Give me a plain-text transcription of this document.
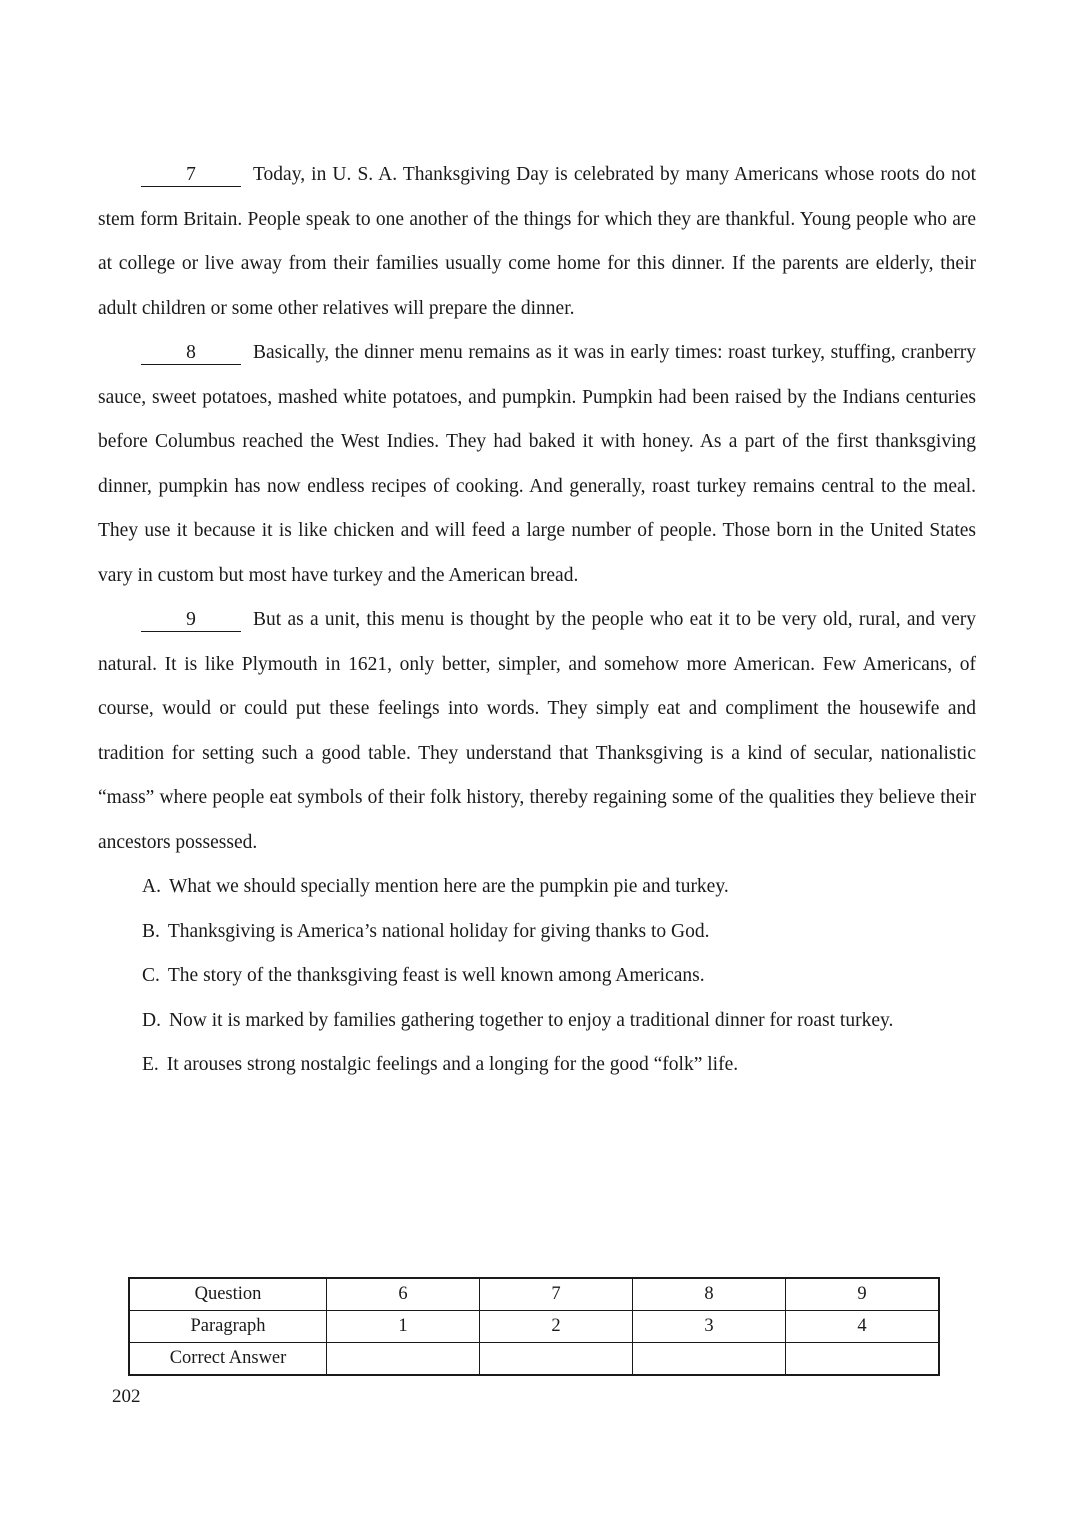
7	Today, in U. S. A. Thanksgiving Day is celebrated by many Americans whose roots do not stem form Britain. People speak to one another of the things for which they are thankful. Young people who are at college or live away from their families usually come home for this dinner. If the parents are elderly, their adult children or some other relatives will prepare the dinner.

8	Basically, the dinner menu remains as it was in early times: roast turkey, stuffing, cranberry sauce, sweet potatoes, mashed white potatoes, and pumpkin. Pumpkin had been raised by the Indians centuries before Columbus reached the West Indies. They had baked it with honey. As a part of the first thanksgiving dinner, pumpkin has now endless recipes of cooking. And generally, roast turkey remains central to the meal. They use it because it is like chicken and will feed a large number of people. Those born in the United States vary in custom but most have turkey and the American bread.

9	But as a unit, this menu is thought by the people who eat it to be very old, rural, and very natural. It is like Plymouth in 1621, only better, simpler, and somehow more American. Few Americans, of course, would or could put these feelings into words. They simply eat and compliment the housewife and tradition for setting such a good table. They understand that Thanksgiving is a kind of secular, nationalistic “mass” where people eat symbols of their folk history, thereby regaining some of the qualities they believe their ancestors possessed.

A. What we should specially mention here are the pumpkin pie and turkey.
B. Thanksgiving is America’s national holiday for giving thanks to God.
C. The story of the thanksgiving feast is well known among Americans.
D. Now it is marked by families gathering together to enjoy a traditional dinner for roast turkey.
E. It arouses strong nostalgic feelings and a longing for the good “folk” life.
Question	6	7	8	9
Paragraph	1	2	3	4
Correct Answer				
202
